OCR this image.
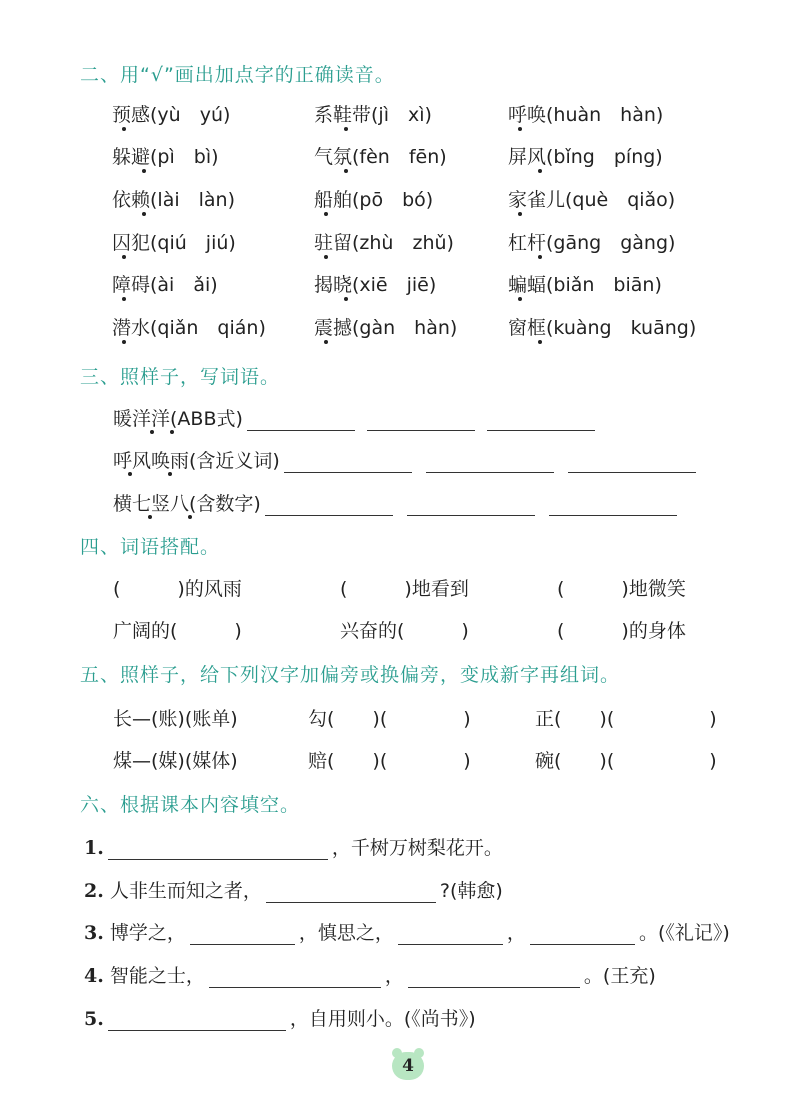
二、用“√”画出加点字的正确读音。
预感(yù　yú)	系鞋带(jì　xì)	呼唤(huàn　hàn)
躲避(pì　bì)	气氛(fèn　fēn)	屏风(bǐng　píng)
依赖(lài　làn)	船舶(pō　bó)	家雀儿(què　qiǎo)
囚犯(qiú　jiú)	驻留(zhù　zhǔ)	杠杆(gāng　gàng)
障碍(ài　ǎi)	揭晓(xiē　jiē)	蝙蝠(biǎn　biān)
潜水(qiǎn　qián)	震撼(gàn　hàn)	窗框(kuàng　kuāng)
三、照样子，写词语。
暖洋洋(ABB式)
呼风唤雨(含近义词)
横七竖八(含数字)
四、词语搭配。
(　　　)的风雨	(　　　)地看到	(　　　)地微笑
广阔的(　　　)	兴奋的(　　　)	(　　　)的身体
五、照样子，给下列汉字加偏旁或换偏旁，变成新字再组词。
长—(账)(账单)	勾(　　)(　　　　)	正(　　)(　　　　　)
煤—(媒)(媒体)	赔(　　)(　　　　)	碗(　　)(　　　　　)
六、根据课本内容填空。
1.	，千树万树梨花开。
2. 人非生而知之者，	?(韩愈)
3. 博学之，	，慎思之，	，	。(《礼记》)
4. 智能之士，	，	。(王充)
5.	，自用则小。(《尚书》)
4
